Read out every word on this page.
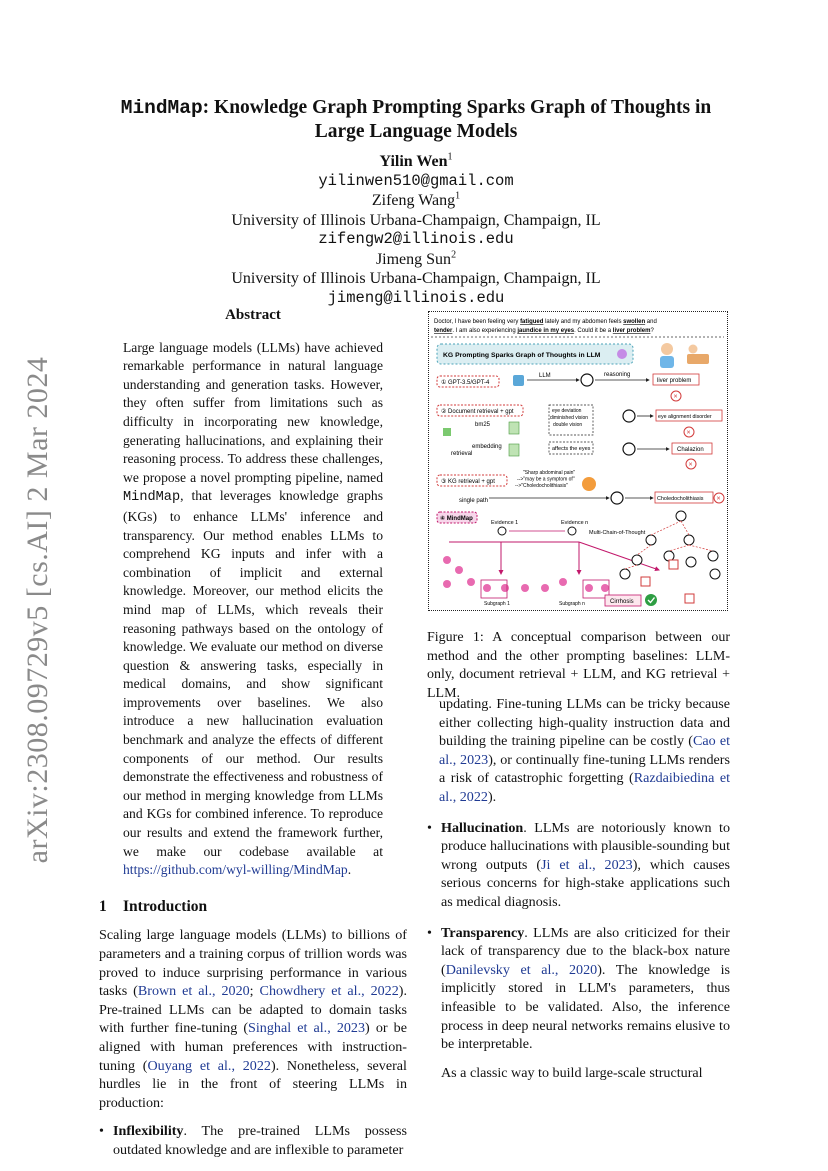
arXiv:2308.09729v5 [cs.AI] 2 Mar 2024
MindMap: Knowledge Graph Prompting Sparks Graph of Thoughts in Large Language Models
Yilin Wen$^1$
yilinwen510@gmail.com
Zifeng Wang$^1$
University of Illinois Urbana-Champaign, Champaign, IL
zifengw2@illinois.edu
Jimeng Sun$^2$
University of Illinois Urbana-Champaign, Champaign, IL
jimeng@illinois.edu
Abstract

Large language models (LLMs) have achieved remarkable performance in natural language understanding and generation tasks. However, they often suffer from limitations such as difficulty in incorporating new knowledge, generating hallucinations, and explaining their reasoning process. To address these challenges, we propose a novel prompting pipeline, named MindMap, that leverages knowledge graphs (KGs) to enhance LLMs' inference and transparency. Our method enables LLMs to comprehend KG inputs and infer with a combination of implicit and external knowledge. Moreover, our method elicits the mind map of LLMs, which reveals their reasoning pathways based on the ontology of knowledge. We evaluate our method on diverse question & answering tasks, especially in medical domains, and show significant improvements over baselines. We also introduce a new hallucination evaluation benchmark and analyze the effects of different components of our method. Our results demonstrate the effectiveness and robustness of our method in merging knowledge from LLMs and KGs for combined inference. To reproduce our results and extend the framework further, we make our codebase available at https://github.com/wyl-willing/MindMap.

1 Introduction

Scaling large language models (LLMs) to billions of parameters and a training corpus of trillion words was proved to induce surprising performance in various tasks (Brown et al., 2020; Chowdhery et al., 2022). Pre-trained LLMs can be adapted to domain tasks with further fine-tuning (Singhal et al., 2023) or be aligned with human preferences with instruction-tuning (Ouyang et al., 2022). Nonetheless, several hurdles lie in the front of steering LLMs in production:

• Inflexibility. The pre-trained LLMs possess outdated knowledge and are inflexible to parameter
Doctor, I have been feeling very fatigued lately and my abdomen feels swollen and
tender. I am also experiencing jaundice in my eyes. Could it be a liver problem?
KG Prompting Sparks Graph of Thoughts in LLM
① GPT-3.5/GPT-4
LLM	reasoning
liver problem
×
② Document retrieval + gpt
bm25
embedding
retrieval
eye deviation diminished vision double vision
affects the eyes
eye alignment disorder
×
Chalazion
×
③ KG retrieval + gpt
"Sharp abdominal pain" -->"may be a symptom of" -->"Choledocholithiasis"
single path	Choledocholithiasis ×
④ MindMap
Evidence 1	Evidence n
Multi-Chain-of-Thought
Subgraph 1	Subgraph n	Cirrhosis
Figure 1: A conceptual comparison between our method and the other prompting baselines: LLM-only, document retrieval + LLM, and KG retrieval + LLM.

updating. Fine-tuning LLMs can be tricky because either collecting high-quality instruction data and building the training pipeline can be costly (Cao et al., 2023), or continually fine-tuning LLMs renders a risk of catastrophic forgetting (Razdaibiedina et al., 2022).

• Hallucination. LLMs are notoriously known to produce hallucinations with plausible-sounding but wrong outputs (Ji et al., 2023), which causes serious concerns for high-stake applications such as medical diagnosis.
• Transparency. LLMs are also criticized for their lack of transparency due to the black-box nature (Danilevsky et al., 2020). The knowledge is implicitly stored in LLM's parameters, thus infeasible to be validated. Also, the inference process in deep neural networks remains elusive to be interpretable.

As a classic way to build large-scale structural
